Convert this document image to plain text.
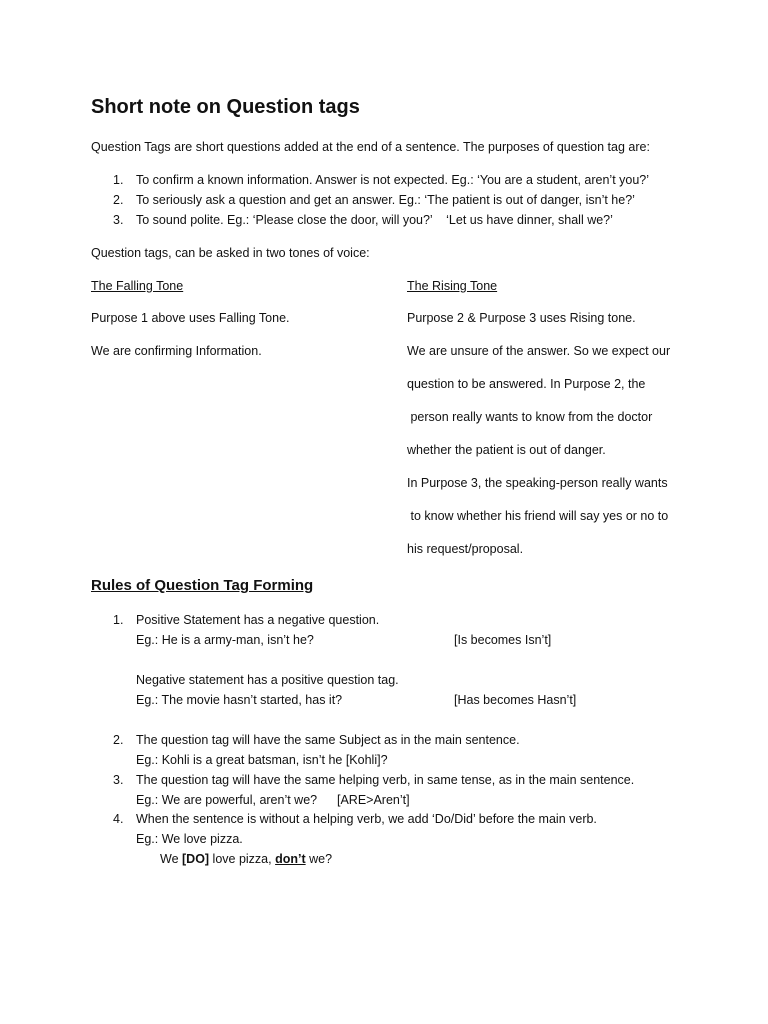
Short note on Question tags
Question Tags are short questions added at the end of a sentence. The purposes of question tag are:
1. To confirm a known information. Answer is not expected. Eg.: ‘You are a student, aren’t you?’
2. To seriously ask a question and get an answer. Eg.: ‘The patient is out of danger, isn’t he?’
3. To sound polite. Eg.: ‘Please close the door, will you?’    ‘Let us have dinner, shall we?’
Question tags, can be asked in two tones of voice:
The Falling Tone
Purpose 1 above uses Falling Tone.
We are confirming Information.
The Rising Tone
Purpose 2 & Purpose 3 uses Rising tone.
We are unsure of the answer. So we expect our
question to be answered. In Purpose 2, the
person really wants to know from the doctor
whether the patient is out of danger.
In Purpose 3, the speaking-person really wants
to know whether his friend will say yes or no to
his request/proposal.
Rules of Question Tag Forming
1. Positive Statement has a negative question.
Eg.: He is a army-man, isn’t he?	[Is becomes Isn’t]
Negative statement has a positive question tag.
Eg.: The movie hasn’t started, has it?	[Has becomes Hasn’t]
2. The question tag will have the same Subject as in the main sentence.
Eg.: Kohli is a great batsman, isn’t he [Kohli]?
3. The question tag will have the same helping verb, in same tense, as in the main sentence.
Eg.: We are powerful, aren’t we? [ARE>Aren’t]
4. When the sentence is without a helping verb, we add ‘Do/Did’ before the main verb.
Eg.: We love pizza.
We [DO] love pizza, don’t we?
